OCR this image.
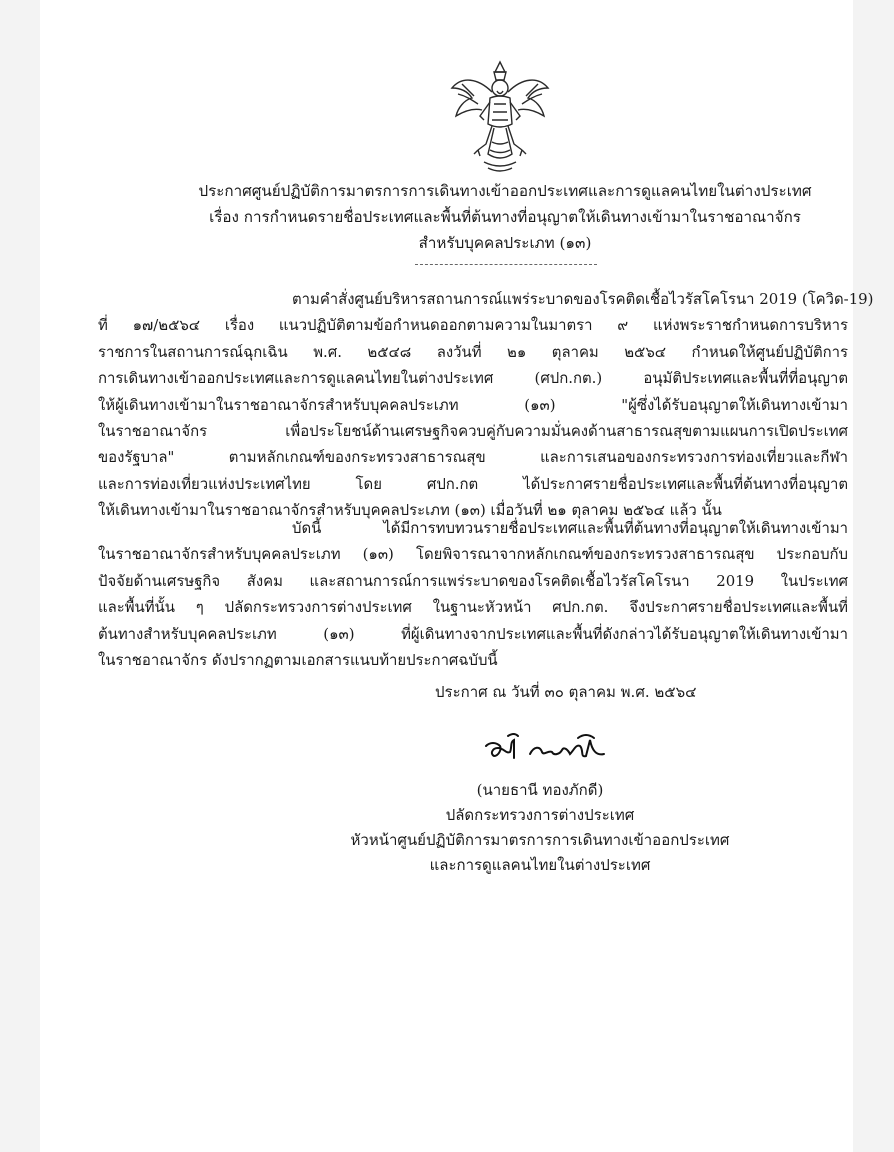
ประกาศศูนย์ปฏิบัติการมาตรการการเดินทางเข้าออกประเทศและการดูแลคนไทยในต่างประเทศ
เรื่อง การกำหนดรายชื่อประเทศและพื้นที่ต้นทางที่อนุญาตให้เดินทางเข้ามาในราชอาณาจักร
สำหรับบุคคลประเภท (๑๓)
ตามคำสั่งศูนย์บริหารสถานการณ์แพร่ระบาดของโรคติดเชื้อไวรัสโคโรนา 2019 (โควิด-19)
ที่ ๑๗/๒๕๖๔ เรื่อง แนวปฏิบัติตามข้อกำหนดออกตามความในมาตรา ๙ แห่งพระราชกำหนดการบริหาร
ราชการในสถานการณ์ฉุกเฉิน พ.ศ. ๒๕๔๘ ลงวันที่ ๒๑ ตุลาคม ๒๕๖๔ กำหนดให้ศูนย์ปฏิบัติการ
การเดินทางเข้าออกประเทศและการดูแลคนไทยในต่างประเทศ (ศปก.กต.) อนุมัติประเทศและพื้นที่ที่อนุญาต
ให้ผู้เดินทางเข้ามาในราชอาณาจักรสำหรับบุคคลประเภท (๑๓) "ผู้ซึ่งได้รับอนุญาตให้เดินทางเข้ามา
ในราชอาณาจักร เพื่อประโยชน์ด้านเศรษฐกิจควบคู่กับความมั่นคงด้านสาธารณสุขตามแผนการเปิดประเทศ
ของรัฐบาล" ตามหลักเกณฑ์ของกระทรวงสาธารณสุข และการเสนอของกระทรวงการท่องเที่ยวและกีฬา
และการท่องเที่ยวแห่งประเทศไทย โดย ศปก.กต ได้ประกาศรายชื่อประเทศและพื้นที่ต้นทางที่อนุญาต
ให้เดินทางเข้ามาในราชอาณาจักรสำหรับบุคคลประเภท (๑๓) เมื่อวันที่ ๒๑ ตุลาคม ๒๕๖๔ แล้ว นั้น
บัดนี้ ได้มีการทบทวนรายชื่อประเทศและพื้นที่ต้นทางที่อนุญาตให้เดินทางเข้ามา
ในราชอาณาจักรสำหรับบุคคลประเภท (๑๓) โดยพิจารณาจากหลักเกณฑ์ของกระทรวงสาธารณสุข ประกอบกับ
ปัจจัยด้านเศรษฐกิจ สังคม และสถานการณ์การแพร่ระบาดของโรคติดเชื้อไวรัสโคโรนา 2019 ในประเทศ
และพื้นที่นั้น ๆ ปลัดกระทรวงการต่างประเทศ ในฐานะหัวหน้า ศปก.กต. จึงประกาศรายชื่อประเทศและพื้นที่
ต้นทางสำหรับบุคคลประเภท (๑๓) ที่ผู้เดินทางจากประเทศและพื้นที่ดังกล่าวได้รับอนุญาตให้เดินทางเข้ามา
ในราชอาณาจักร ดังปรากฏตามเอกสารแนบท้ายประกาศฉบับนี้
ประกาศ ณ วันที่ ๓๐ ตุลาคม พ.ศ. ๒๕๖๔
(นายธานี ทองภักดี)
ปลัดกระทรวงการต่างประเทศ
หัวหน้าศูนย์ปฏิบัติการมาตรการการเดินทางเข้าออกประเทศ
และการดูแลคนไทยในต่างประเทศ
